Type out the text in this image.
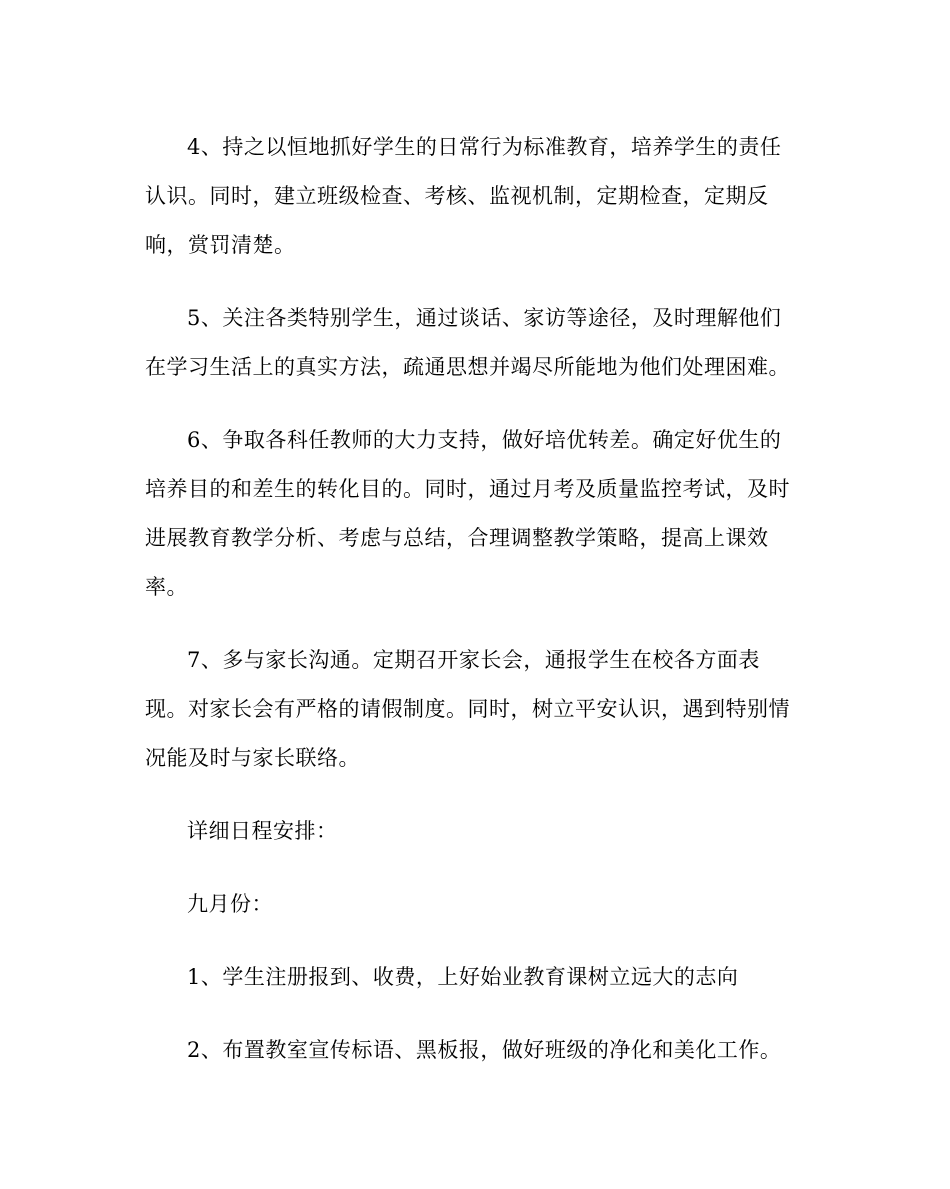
4、持之以恒地抓好学生的日常行为标准教育，培养学生的责任
认识。同时，建立班级检查、考核、监视机制，定期检查，定期反
响，赏罚清楚。
5、关注各类特别学生，通过谈话、家访等途径，及时理解他们
在学习生活上的真实方法，疏通思想并竭尽所能地为他们处理困难。
6、争取各科任教师的大力支持，做好培优转差。确定好优生的
培养目的和差生的转化目的。同时，通过月考及质量监控考试，及时
进展教育教学分析、考虑与总结，合理调整教学策略，提高上课效
率。
7、多与家长沟通。定期召开家长会，通报学生在校各方面表
现。对家长会有严格的请假制度。同时，树立平安认识，遇到特别情
况能及时与家长联络。
详细日程安排：
九月份：
1、学生注册报到、收费，上好始业教育课树立远大的志向
2、布置教室宣传标语、黑板报，做好班级的净化和美化工作。
